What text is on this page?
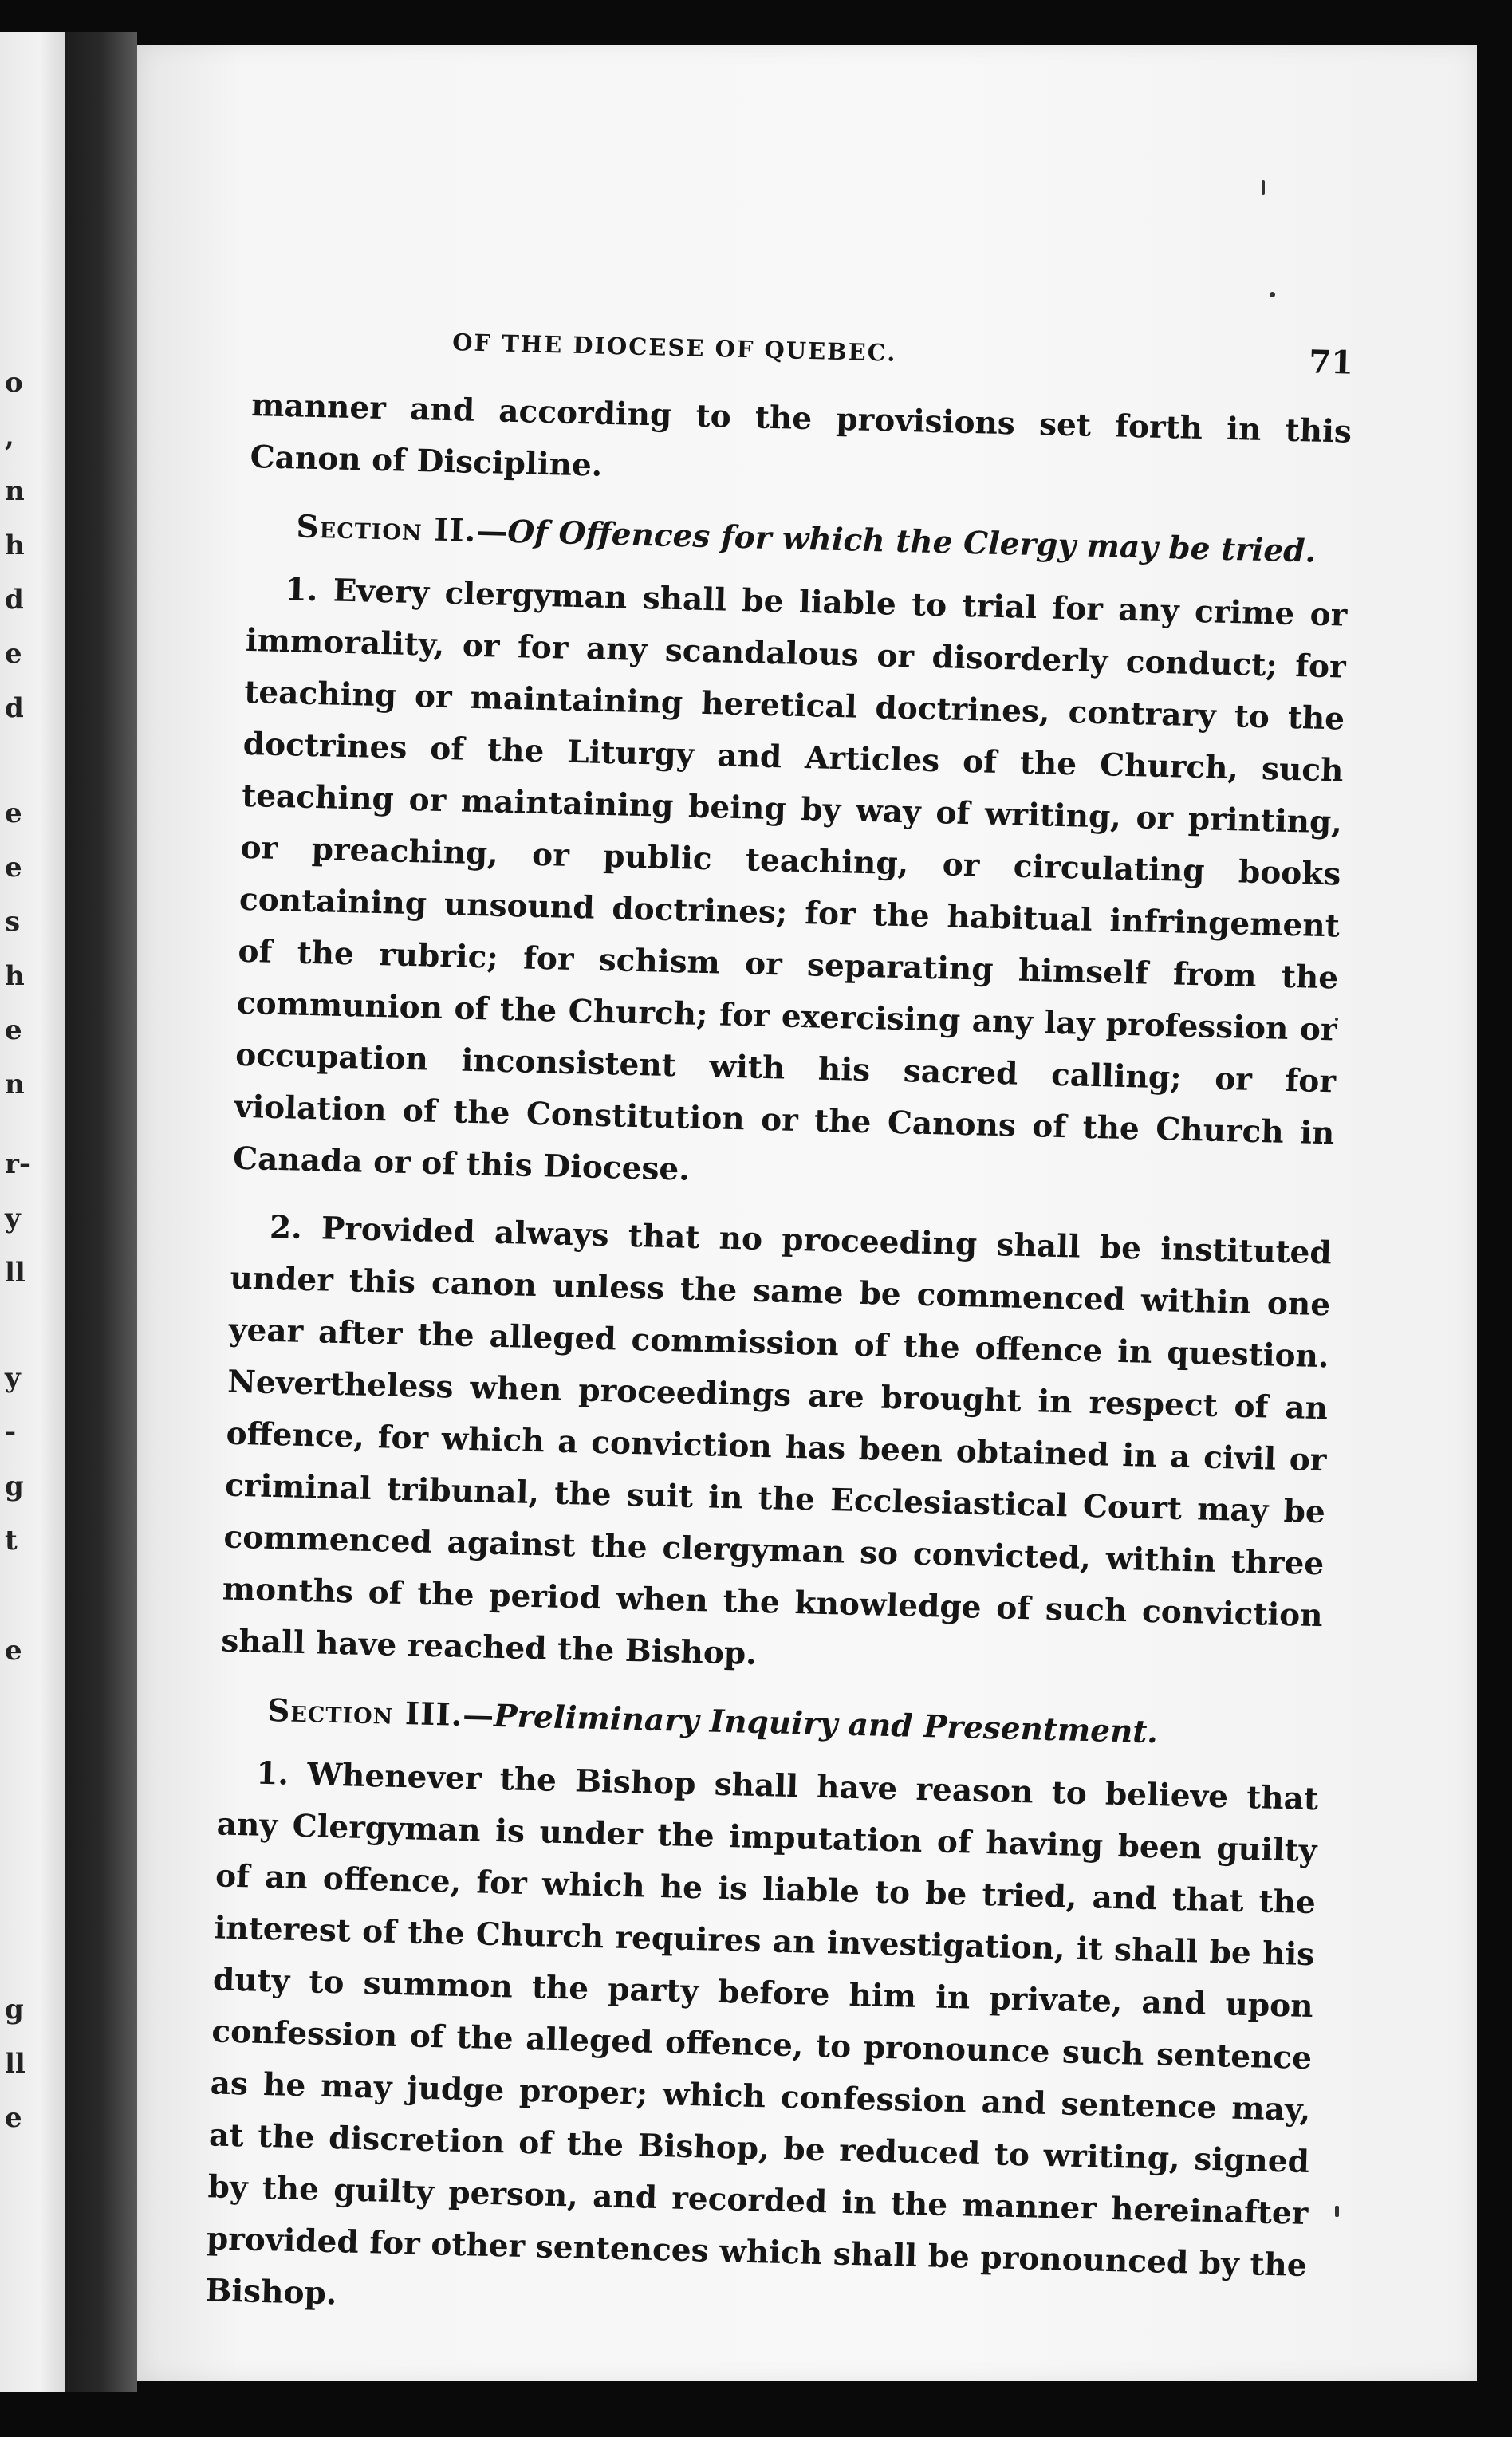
o
,
n
h
d
e
d
e
e
s
h
e
n
r-
y
ll
y
-
g
t
e
g
ll
e
OF THE DIOCESE OF QUEBEC.	71

manner and according to the provisions set forth in this Canon of Discipline.

Section II.—Of Offences for which the Clergy may be tried.

1. Every clergyman shall be liable to trial for any crime or immorality, or for any scandalous or disorderly conduct; for teaching or maintaining heretical doctrines, contrary to the doctrines of the Liturgy and Articles of the Church, such teaching or maintaining being by way of writing, or printing, or preaching, or public teaching, or circulating books containing unsound doctrines; for the habitual infringement of the rubric; for schism or separating himself from the communion of the Church; for exercising any lay profession or occupation inconsistent with his sacred calling; or for violation of the Constitution or the Canons of the Church in Canada or of this Diocese.

2. Provided always that no proceeding shall be instituted under this canon unless the same be commenced within one year after the alleged commission of the offence in question. Nevertheless when proceedings are brought in respect of an offence, for which a conviction has been obtained in a civil or criminal tribunal, the suit in the Ecclesiastical Court may be commenced against the clergyman so convicted, within three months of the period when the knowledge of such conviction shall have reached the Bishop.

Section III.—Preliminary Inquiry and Presentment.

1. Whenever the Bishop shall have reason to believe that any Clergyman is under the imputation of having been guilty of an offence, for which he is liable to be tried, and that the interest of the Church requires an investigation, it shall be his duty to summon the party before him in private, and upon confession of the alleged offence, to pronounce such sentence as he may judge proper; which confession and sentence may, at the discretion of the Bishop, be reduced to writing, signed by the guilty person, and recorded in the manner hereinafter provided for other sentences which shall be pronounced by the Bishop.
